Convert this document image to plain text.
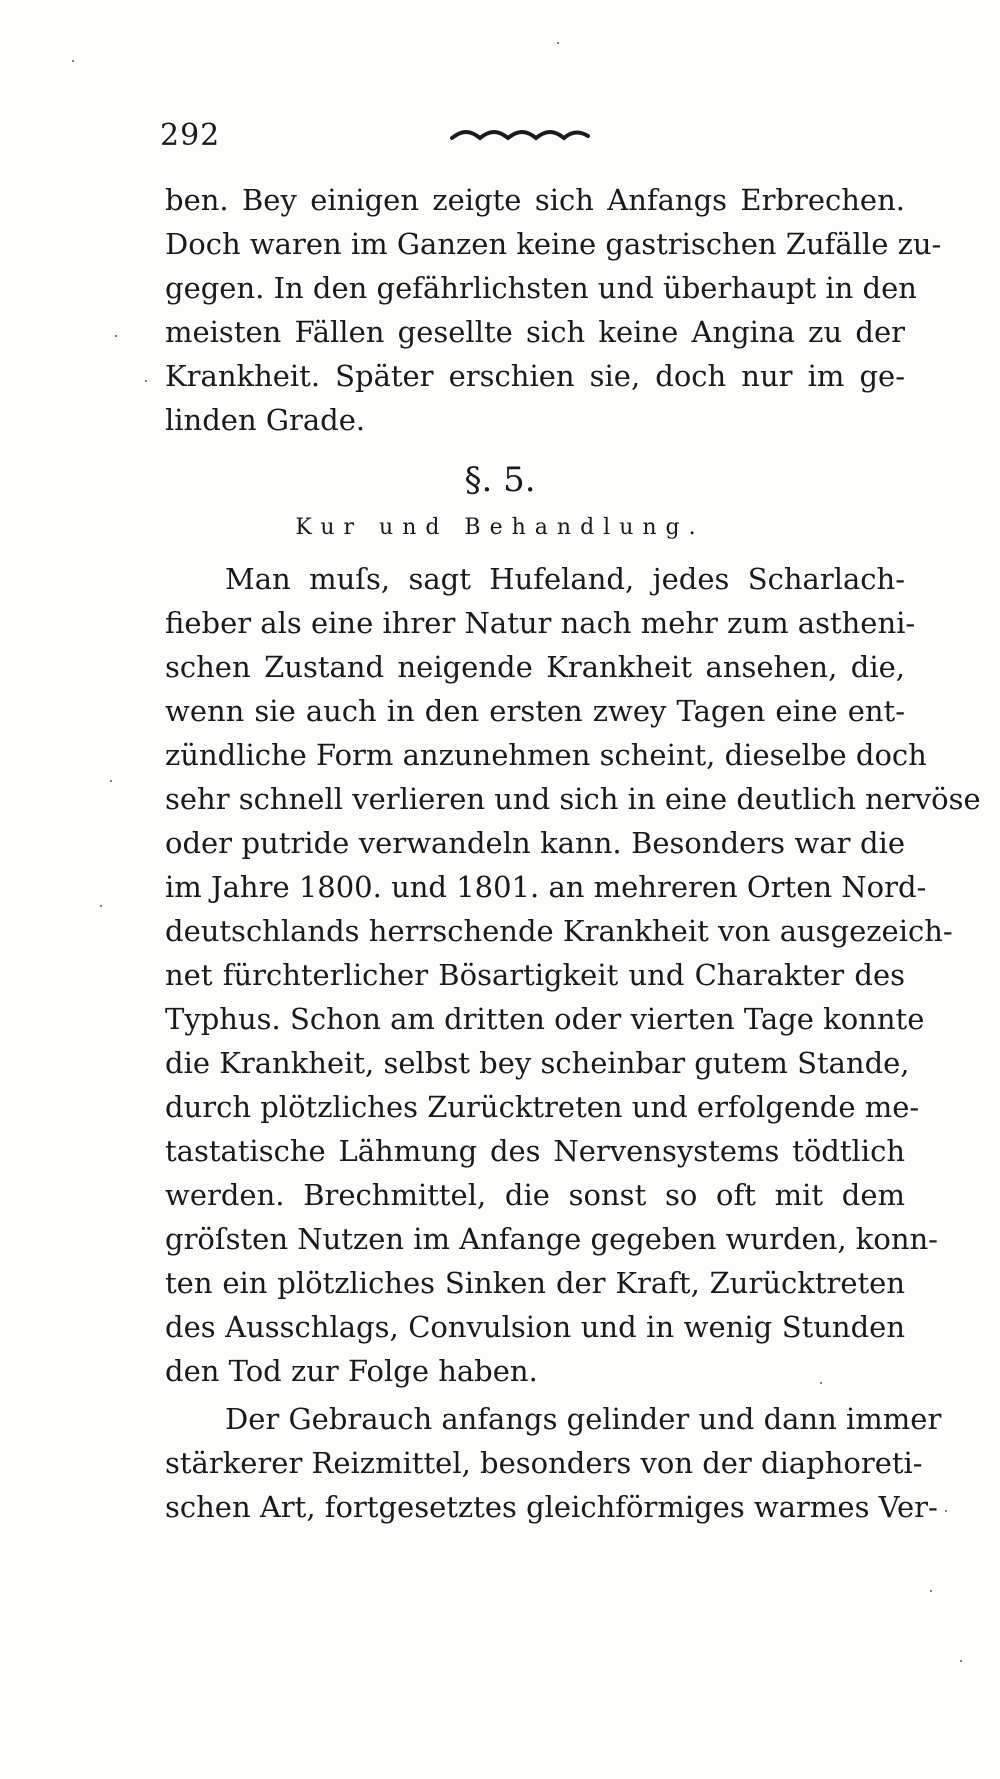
292
ben. Bey einigen zeigte sich Anfangs Erbrechen.
Doch waren im Ganzen keine gastrischen Zufälle zu-
gegen. In den gefährlichsten und überhaupt in den
meisten Fällen gesellte sich keine Angina zu der
Krankheit. Später erschien sie, doch nur im ge-
linden Grade.
§. 5.
Kur und Behandlung.
Man muſs, sagt Hufeland, jedes Scharlach-
fieber als eine ihrer Natur nach mehr zum astheni-
schen Zustand neigende Krankheit ansehen, die,
wenn sie auch in den ersten zwey Tagen eine ent-
zündliche Form anzunehmen scheint, dieselbe doch
sehr schnell verlieren und sich in eine deutlich nervöse
oder putride verwandeln kann. Besonders war die
im Jahre 1800. und 1801. an mehreren Orten Nord-
deutschlands herrschende Krankheit von ausgezeich-
net fürchterlicher Bösartigkeit und Charakter des
Typhus. Schon am dritten oder vierten Tage konnte
die Krankheit, selbst bey scheinbar gutem Stande,
durch plötzliches Zurücktreten und erfolgende me-
tastatische Lähmung des Nervensystems tödtlich
werden. Brechmittel, die sonst so oft mit dem
gröſsten Nutzen im Anfange gegeben wurden, konn-
ten ein plötzliches Sinken der Kraft, Zurücktreten
des Ausschlags, Convulsion und in wenig Stunden
den Tod zur Folge haben.
Der Gebrauch anfangs gelinder und dann immer
stärkerer Reizmittel, besonders von der diaphoreti-
schen Art, fortgesetztes gleichförmiges warmes Ver-
